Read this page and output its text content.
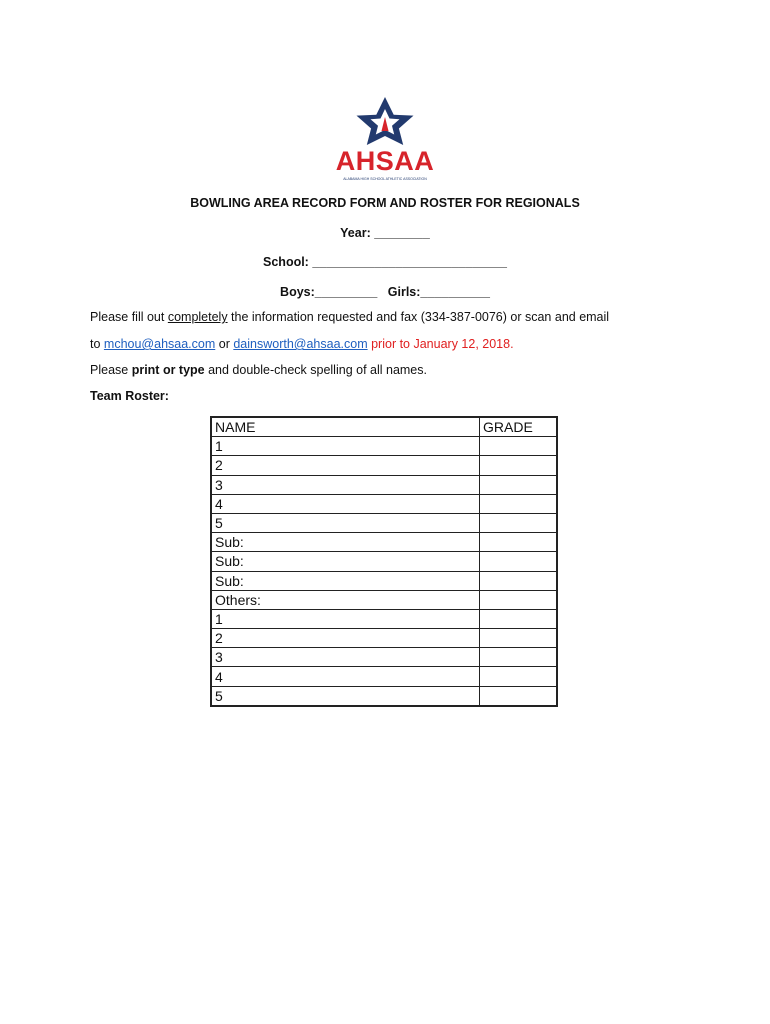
AHSAA
ALABAMA HIGH SCHOOL ATHLETIC ASSOCIATION
BOWLING AREA RECORD FORM AND ROSTER FOR REGIONALS
Year: ________
School: ____________________________
Boys:_________ Girls:__________
Please fill out completely the information requested and fax (334-387-0076) or scan and email
to mchou@ahsaa.com or dainsworth@ahsaa.com prior to January 12, 2018.
Please print or type and double-check spelling of all names.
Team Roster:
NAME	GRADE
1	
2	
3	
4	
5	
Sub:	
Sub:	
Sub:	
Others:	
1	
2	
3	
4	
5	
